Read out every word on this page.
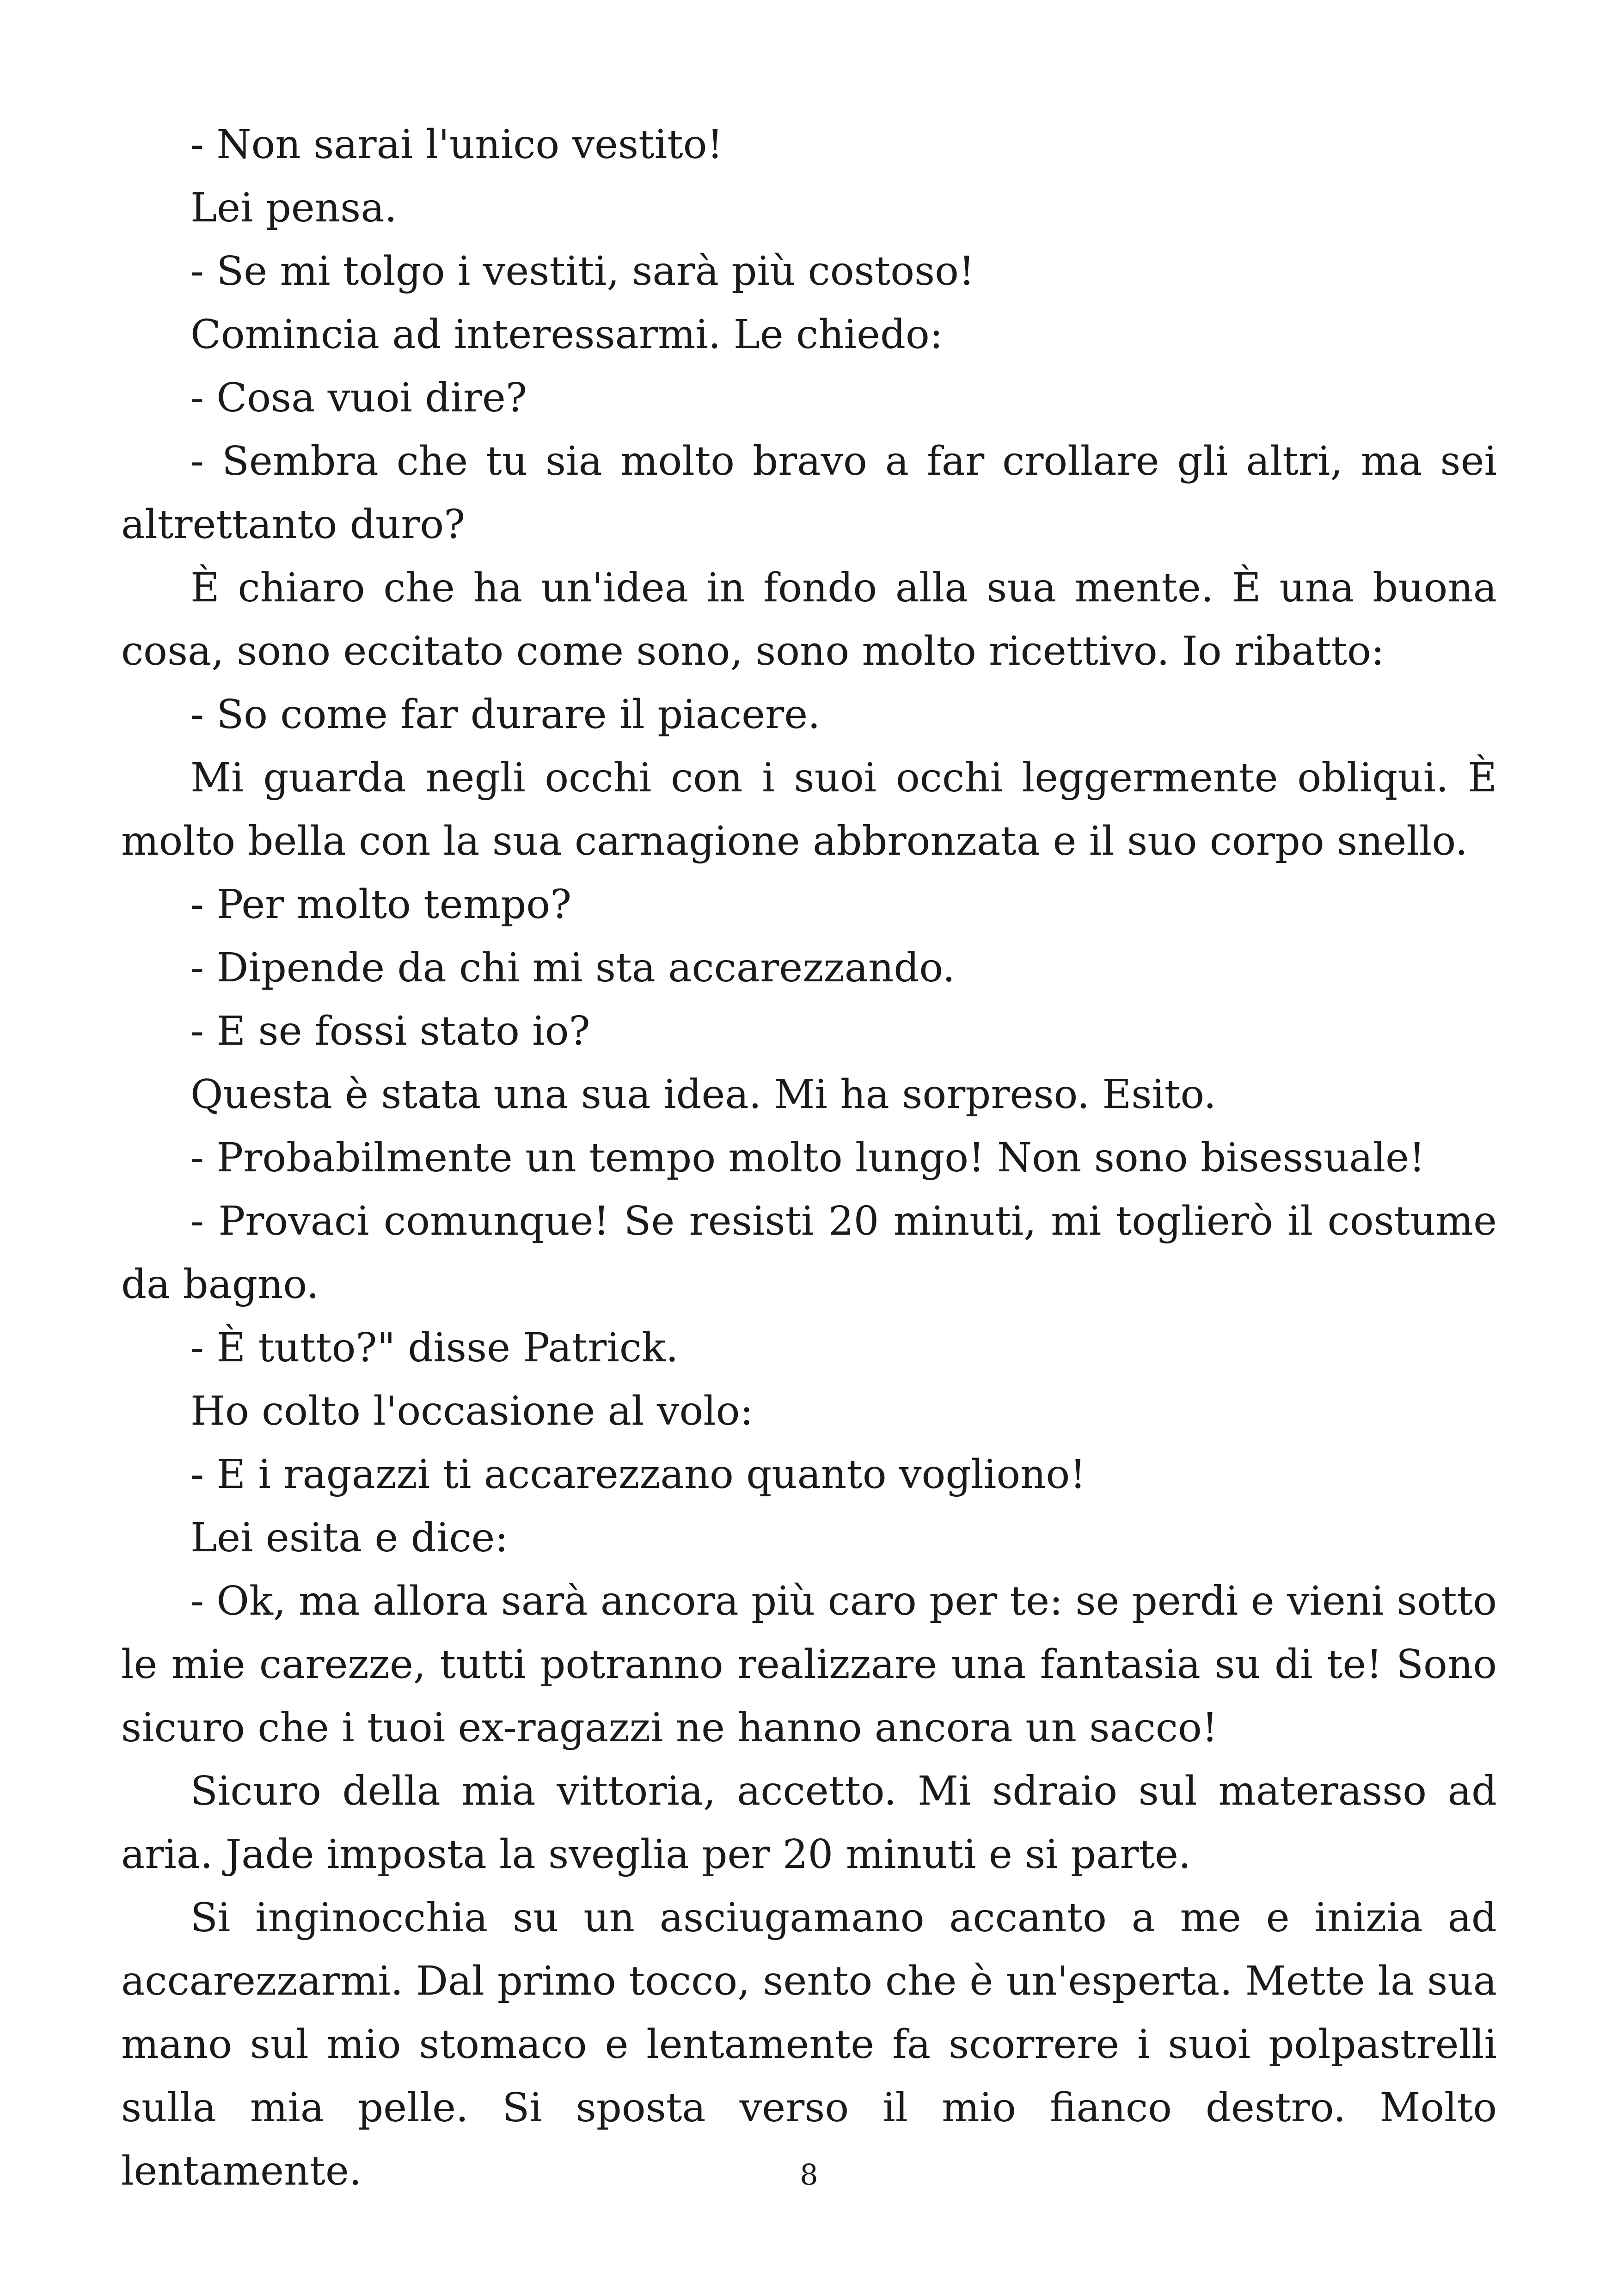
- Non sarai l'unico vestito!

Lei pensa.

- Se mi tolgo i vestiti, sarà più costoso!

Comincia ad interessarmi. Le chiedo:

- Cosa vuoi dire?

- Sembra che tu sia molto bravo a far crollare gli altri, ma sei altrettanto duro?

È chiaro che ha un'idea in fondo alla sua mente. È una buona cosa, sono eccitato come sono, sono molto ricettivo. Io ribatto:

- So come far durare il piacere.

Mi guarda negli occhi con i suoi occhi leggermente obliqui. È molto bella con la sua carnagione abbronzata e il suo corpo snello.

- Per molto tempo?

- Dipende da chi mi sta accarezzando.

- E se fossi stato io?

Questa è stata una sua idea. Mi ha sorpreso. Esito.

- Probabilmente un tempo molto lungo! Non sono bisessuale!

- Provaci comunque! Se resisti 20 minuti, mi toglierò il costume da bagno.

- È tutto?" disse Patrick.

Ho colto l'occasione al volo:

- E i ragazzi ti accarezzano quanto vogliono!

Lei esita e dice:

- Ok, ma allora sarà ancora più caro per te: se perdi e vieni sotto le mie carezze, tutti potranno realizzare una fantasia su di te! Sono sicuro che i tuoi ex-ragazzi ne hanno ancora un sacco!

Sicuro della mia vittoria, accetto. Mi sdraio sul materasso ad aria. Jade imposta la sveglia per 20 minuti e si parte.

Si inginocchia su un asciugamano accanto a me e inizia ad accarezzarmi. Dal primo tocco, sento che è un'esperta. Mette la sua mano sul mio stomaco e lentamente fa scorrere i suoi polpastrelli sulla mia pelle. Si sposta verso il mio fianco destro. Molto lentamente.	8
